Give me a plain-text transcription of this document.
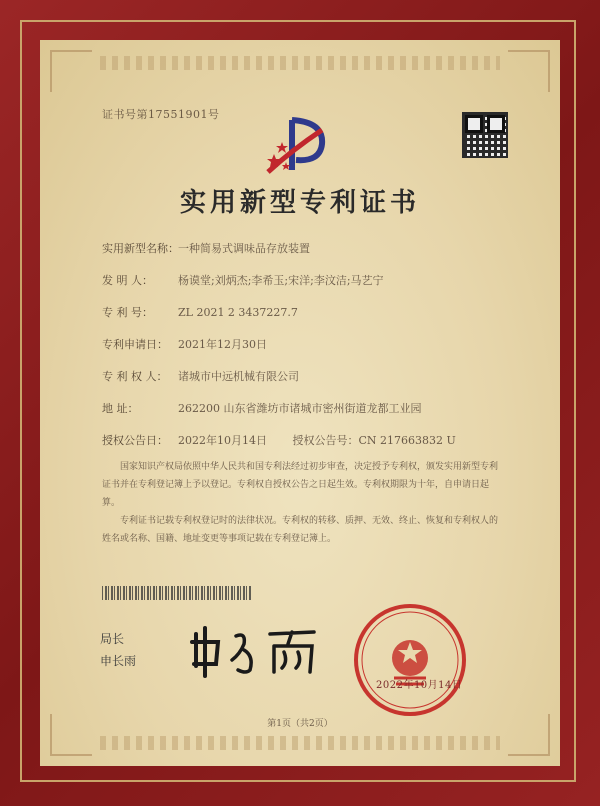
证书号第17551901号
实用新型专利证书
实用新型名称：一种简易式调味品存放装置
发 明 人： 杨谟堂;刘炳杰;李希玉;宋洋;李汶洁;马艺宁
专 利 号： ZL 2021 2 3437227.7
专利申请日： 2021年12月30日
专 利 权 人： 诸城市中远机械有限公司
地 址：	262200 山东省潍坊市诸城市密州街道龙都工业园
授权公告日： 2022年10月14日 授权公告号：CN 217663832 U

国家知识产权局依照中华人民共和国专利法经过初步审查，决定授予专利权，颁发实用新型专利证书并在专利登记簿上予以登记。专利权自授权公告之日起生效。专利权期限为十年，自申请日起算。

专利证书记载专利权登记时的法律状况。专利权的转移、质押、无效、终止、恢复和专利权人的姓名或名称、国籍、地址变更等事项记载在专利登记簿上。

局长
申长雨
2022年10月14日
第1页（共2页）
